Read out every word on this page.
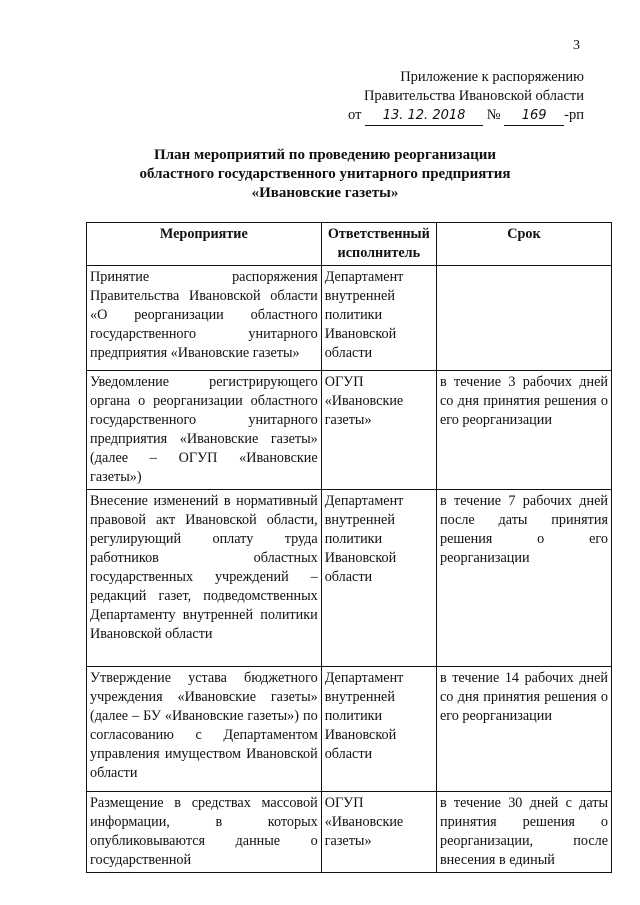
3
Приложение к распоряжению
Правительства Ивановской области
от 13. 12. 2018 № 169 -рп
План мероприятий по проведению реорганизации
областного государственного унитарного предприятия
«Ивановские газеты»
Мероприятие	Ответственный исполнитель	Срок
Принятие распоряжения Правительства Ивановской области «О реорганизации областного государственного унитарного предприятия «Ивановские газеты»	Департамент внутренней политики Ивановской области	
Уведомление регистрирующего органа о реорганизации областного государственного унитарного предприятия «Ивановские газеты» (далее – ОГУП «Ивановские газеты»)	ОГУП «Ивановские газеты»	в течение 3 рабочих дней со дня принятия решения о его реорганизации
Внесение изменений в нормативный правовой акт Ивановской области, регулирующий оплату труда работников областных государственных учреждений – редакций газет, подведомственных Департаменту внутренней политики Ивановской области	Департамент внутренней политики Ивановской области	в течение 7 рабочих дней после даты принятия решения о его реорганизации
Утверждение устава бюджетного учреждения «Ивановские газеты» (далее – БУ «Ивановские газеты») по согласованию с Департаментом управления имуществом Ивановской области	Департамент внутренней политики Ивановской области	в течение 14 рабочих дней со дня принятия решения о его реорганизации
Размещение в средствах массовой информации, в которых опубликовываются данные о государственной	ОГУП «Ивановские газеты»	в течение 30 дней с даты принятия решения о реорганизации, после внесения в единый
